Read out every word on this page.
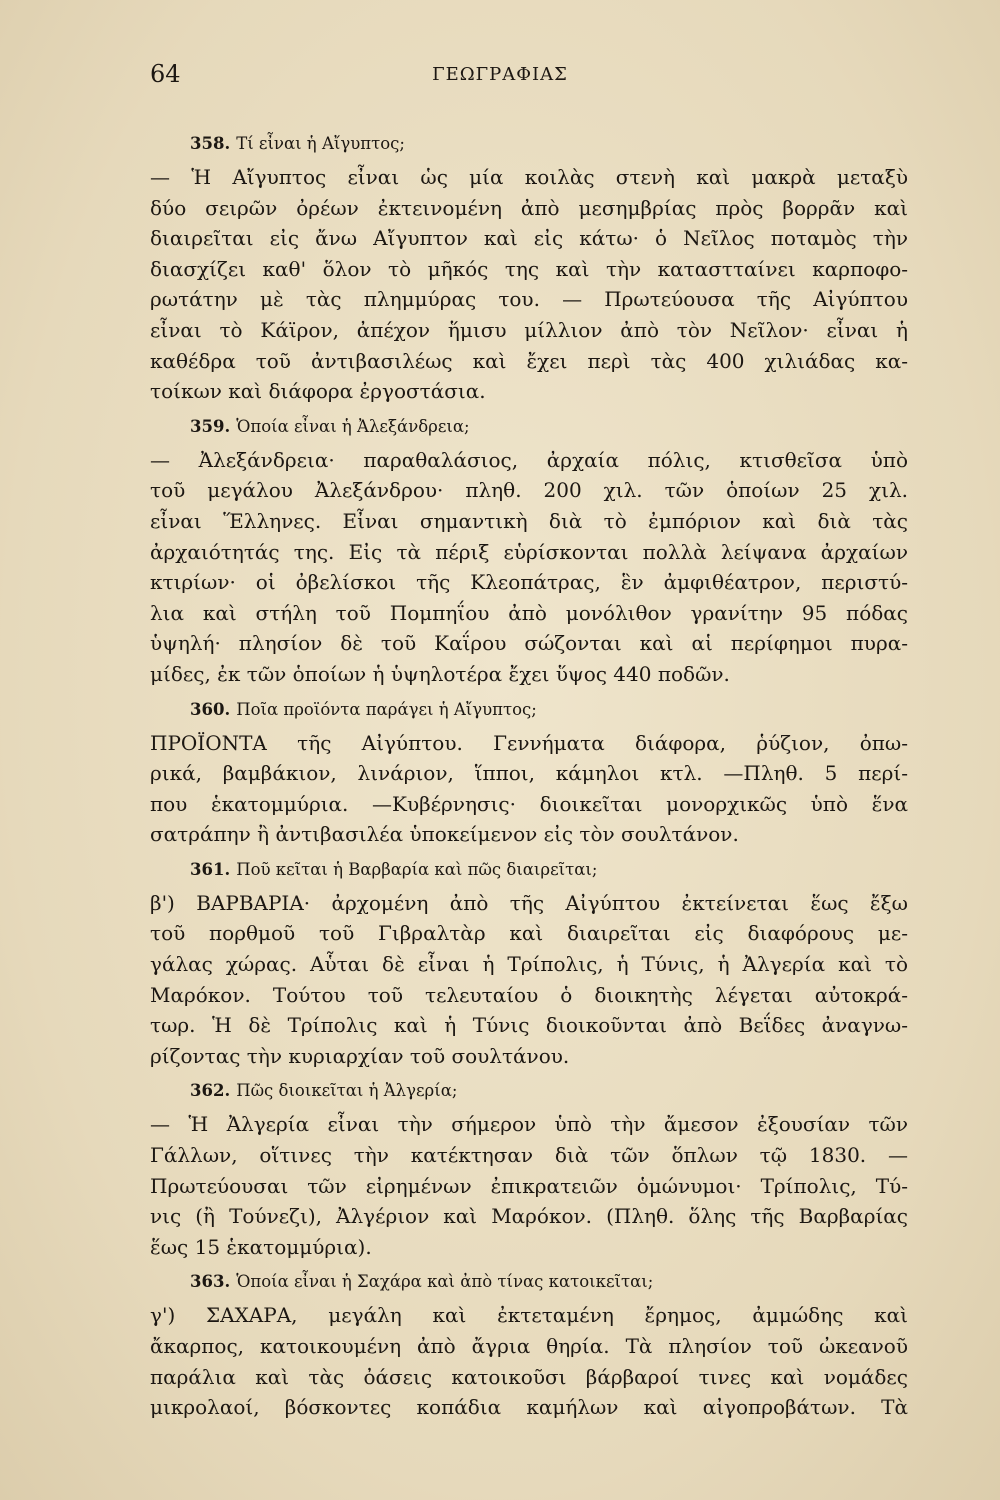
64	ΓΕΩΓΡΑΦΙΑΣ
358. Τί εἶναι ἡ Αἴγυπτος;

— Ἡ Αἴγυπτος εἶναι ὡς μία κοιλὰς στενὴ καὶ μακρὰ μεταξὺ

δύο σειρῶν ὀρέων ἐκτεινομένη ἀπὸ μεσημβρίας πρὸς βορρᾶν καὶ

διαιρεῖται εἰς ἄνω Αἴγυπτον καὶ εἰς κάτω· ὁ Νεῖλος ποταμὸς τὴν

διασχίζει καθ' ὅλον τὸ μῆκός της καὶ τὴν καταστταίνει καρποφο-

ρωτάτην μὲ τὰς πλημμύρας του. — Πρωτεύουσα τῆς Αἰγύπτου

εἶναι τὸ Κάϊρον, ἀπέχον ἥμισυ μίλλιον ἀπὸ τὸν Νεῖλον· εἶναι ἡ

καθέδρα τοῦ ἀντιβασιλέως καὶ ἔχει περὶ τὰς 400 χιλιάδας κα-

τοίκων καὶ διάφορα ἐργοστάσια.

359. Ὁποία εἶναι ἡ Ἀλεξάνδρεια;

— Ἀλεξάνδρεια· παραθαλάσιος, ἀρχαία πόλις, κτισθεῖσα ὑπὸ

τοῦ μεγάλου Ἀλεξάνδρου· πληθ. 200 χιλ. τῶν ὁποίων 25 χιλ.

εἶναι Ἕλληνες. Εἶναι σημαντικὴ διὰ τὸ ἐμπόριον καὶ διὰ τὰς

ἀρχαιότητάς της. Εἰς τὰ πέριξ εὑρίσκονται πολλὰ λείψανα ἀρχαίων

κτιρίων· οἱ ὀβελίσκοι τῆς Κλεοπάτρας, ἓν ἀμφιθέατρον, περιστύ-

λια καὶ στήλη τοῦ Πομπηΐου ἀπὸ μονόλιθον γρανίτην 95 πόδας

ὑψηλή· πλησίον δὲ τοῦ Καΐρου σώζονται καὶ αἱ περίφημοι πυρα-

μίδες, ἐκ τῶν ὁποίων ἡ ὑψηλοτέρα ἔχει ὕψος 440 ποδῶν.

360. Ποῖα προϊόντα παράγει ἡ Αἴγυπτος;

ΠΡΟΪΟΝΤΑ τῆς Αἰγύπτου. Γεννήματα διάφορα, ῥύζιον, ὀπω-

ρικά, βαμβάκιον, λινάριον, ἵπποι, κάμηλοι κτλ. —Πληθ. 5 περί-

που ἑκατομμύρια. —Κυβέρνησις· διοικεῖται μονορχικῶς ὑπὸ ἕνα

σατράπην ἢ ἀντιβασιλέα ὑποκείμενον εἰς τὸν σουλτάνον.

361. Ποῦ κεῖται ἡ Βαρβαρία καὶ πῶς διαιρεῖται;

β') ΒΑΡΒΑΡΙΑ· ἀρχομένη ἀπὸ τῆς Αἰγύπτου ἐκτείνεται ἕως ἔξω

τοῦ πορθμοῦ τοῦ Γιβραλτὰρ καὶ διαιρεῖται εἰς διαφόρους με-

γάλας χώρας. Αὗται δὲ εἶναι ἡ Τρίπολις, ἡ Τύνις, ἡ Ἀλγερία καὶ τὸ

Μαρόκον. Τούτου τοῦ τελευταίου ὁ διοικητὴς λέγεται αὐτοκρά-

τωρ. Ἡ δὲ Τρίπολις καὶ ἡ Τύνις διοικοῦνται ἀπὸ Βεΐδες ἀναγνω-

ρίζοντας τὴν κυριαρχίαν τοῦ σουλτάνου.

362. Πῶς διοικεῖται ἡ Ἀλγερία;

— Ἡ Ἀλγερία εἶναι τὴν σήμερον ὑπὸ τὴν ἄμεσον ἐξουσίαν τῶν

Γάλλων, οἵτινες τὴν κατέκτησαν διὰ τῶν ὅπλων τῷ 1830. —

Πρωτεύουσαι τῶν εἰρημένων ἐπικρατειῶν ὁμώνυμοι· Τρίπολις, Τύ-

νις (ἢ Τούνεζι), Ἀλγέριον καὶ Μαρόκον. (Πληθ. ὅλης τῆς Βαρβαρίας

ἕως 15 ἑκατομμύρια).

363. Ὁποία εἶναι ἡ Σαχάρα καὶ ἀπὸ τίνας κατοικεῖται;

γ') ΣΑΧΑΡΑ, μεγάλη καὶ ἐκτεταμένη ἔρημος, ἀμμώδης καὶ

ἄκαρπος, κατοικουμένη ἀπὸ ἄγρια θηρία. Τὰ πλησίον τοῦ ὠκεανοῦ

παράλια καὶ τὰς ὀάσεις κατοικοῦσι βάρβαροί τινες καὶ νομάδες

μικρολαοί, βόσκοντες κοπάδια καμήλων καὶ αἰγοπροβάτων. Τὰ
